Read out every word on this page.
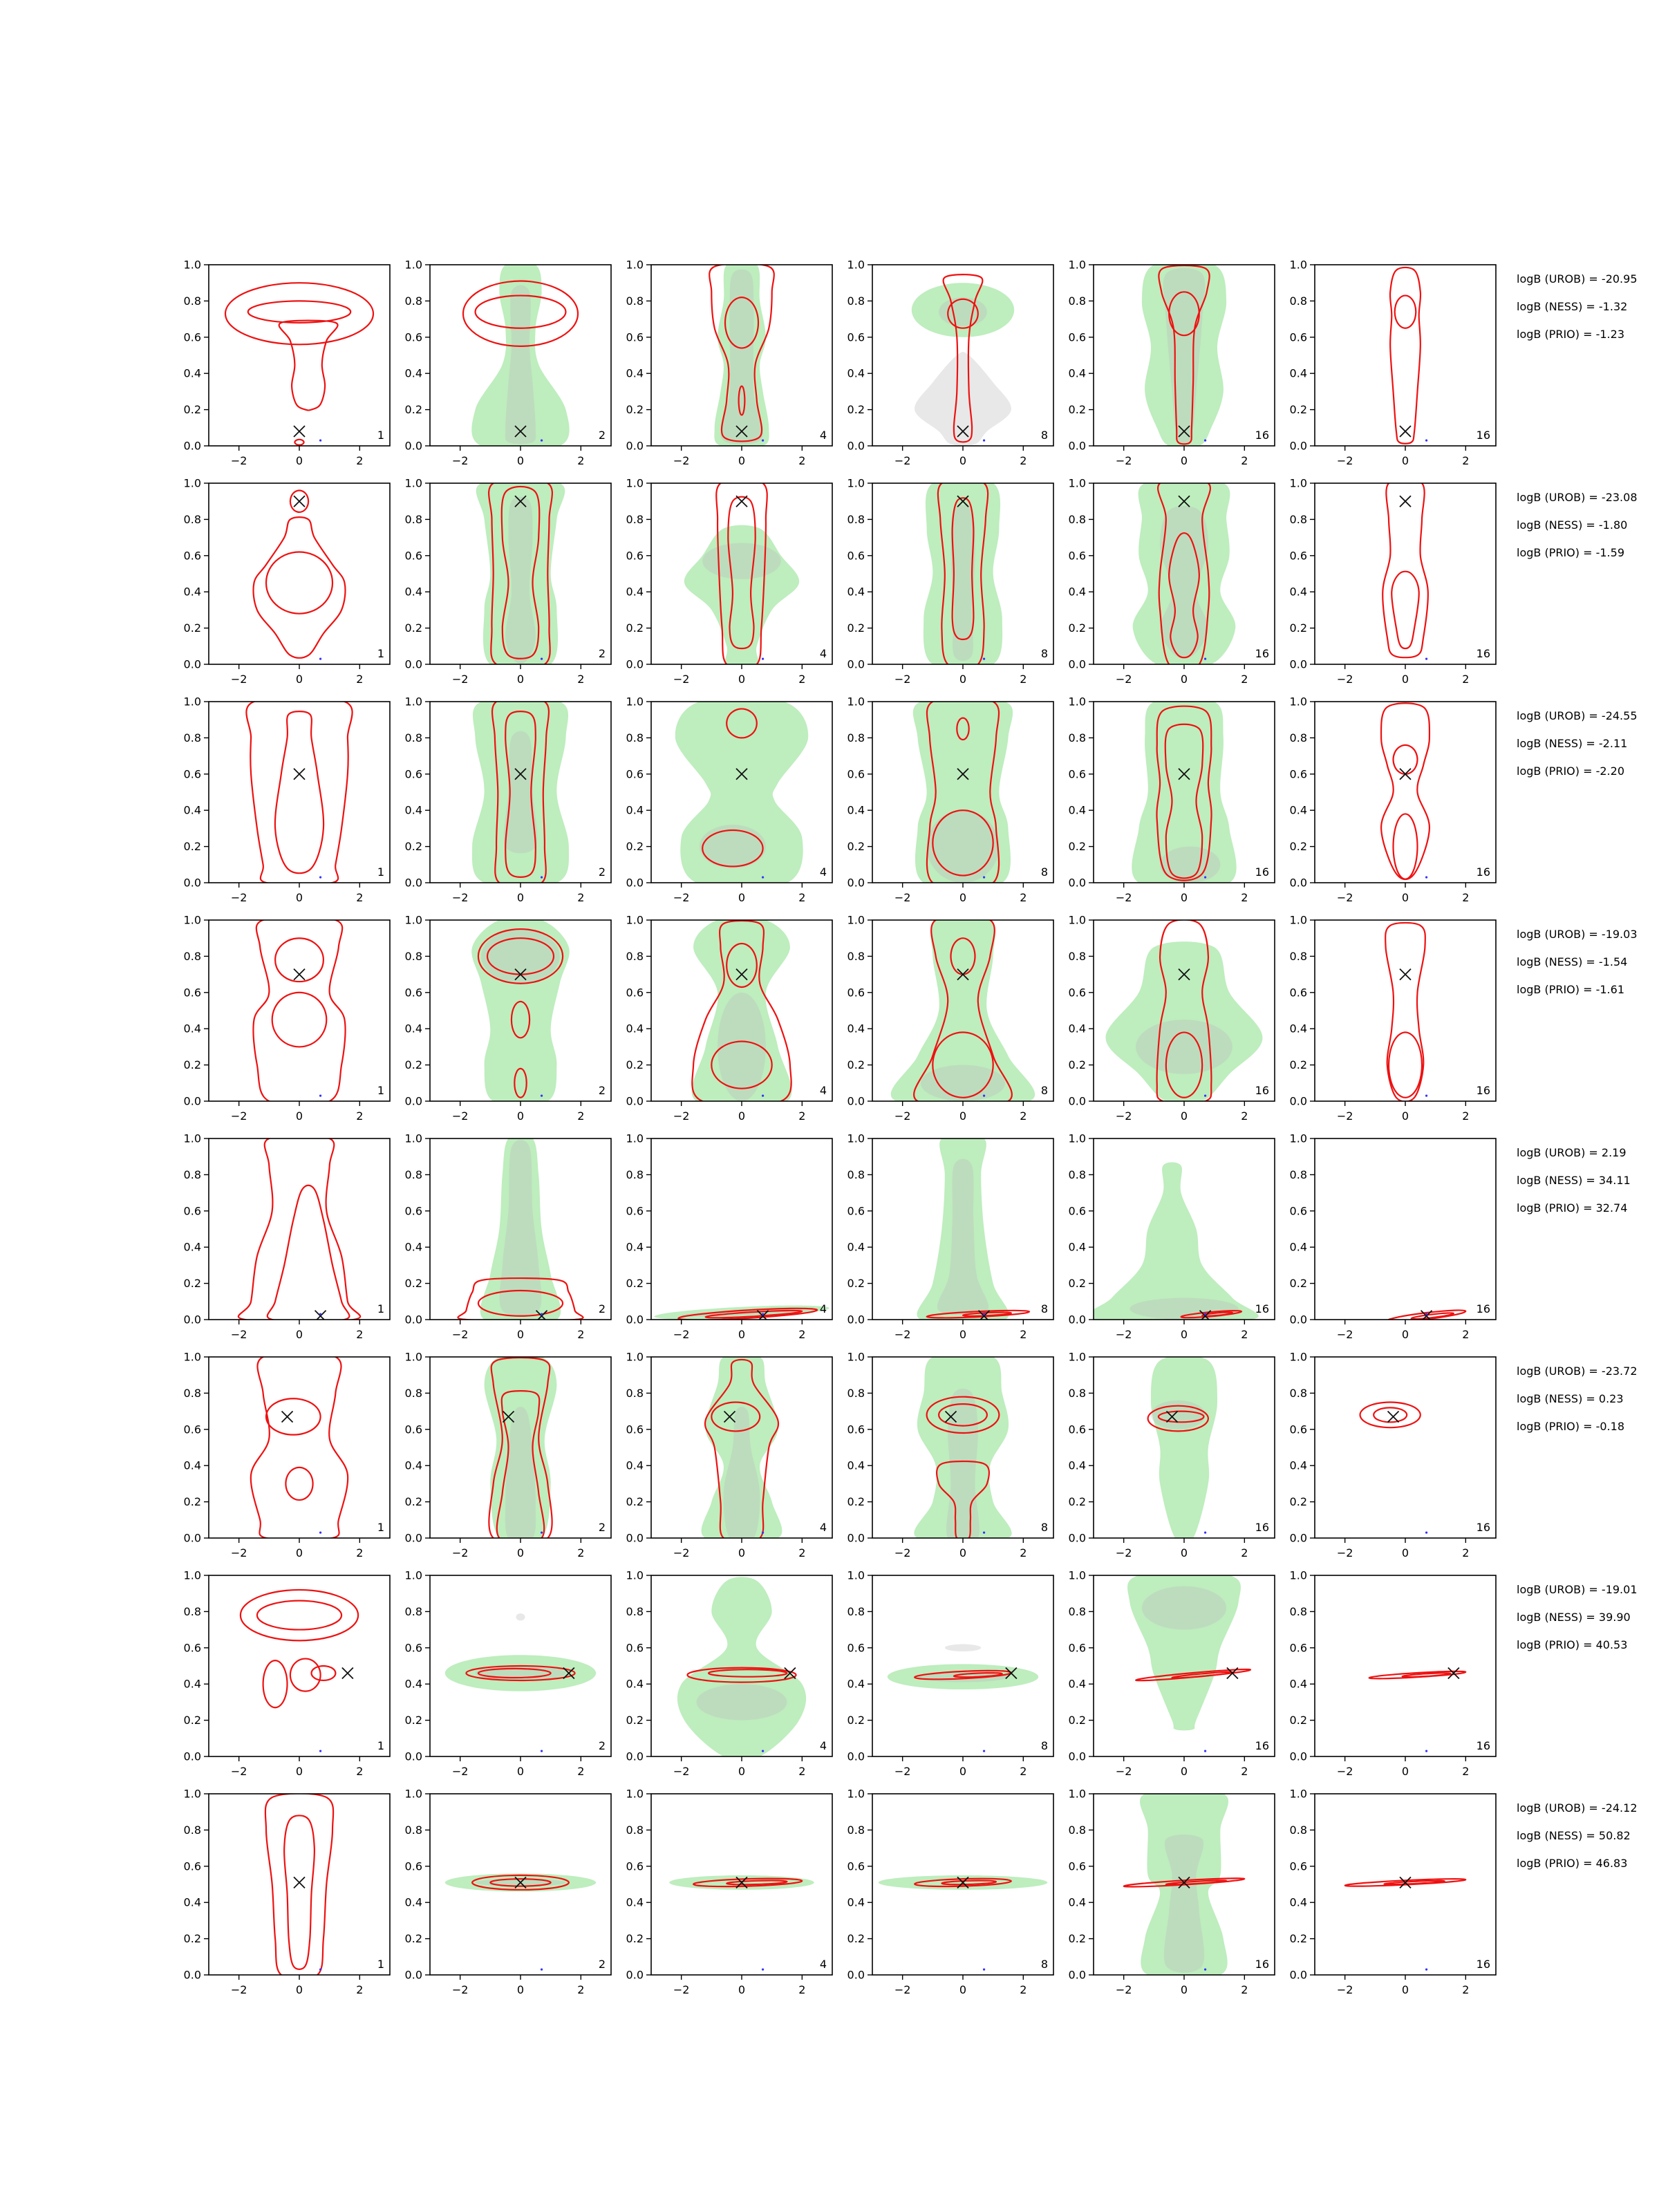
0.0
0.2
0.4
0.6
0.8
1.0
−2	0	2
1
0.0
0.2
0.4
0.6
0.8
1.0
−2	0	2
2
0.0
0.2
0.4
0.6
0.8
1.0
−2	0	2
4
0.0
0.2
0.4
0.6
0.8
1.0
−2	0	2
8
0.0
0.2
0.4
0.6
0.8
1.0
−2	0	2
16
0.0
0.2
0.4
0.6
0.8
1.0
−2	0	2
16
logB (UROB) = -20.95
logB (NESS) = -1.32
logB (PRIO) = -1.23
0.0
0.2
0.4
0.6
0.8
1.0
−2	0	2
1
0.0
0.2
0.4
0.6
0.8
1.0
−2	0	2
2
0.0
0.2
0.4
0.6
0.8
1.0
−2	0	2
4
0.0
0.2
0.4
0.6
0.8
1.0
−2	0	2
8
0.0
0.2
0.4
0.6
0.8
1.0
−2	0	2
16
0.0
0.2
0.4
0.6
0.8
1.0
−2	0	2
16
logB (UROB) = -23.08
logB (NESS) = -1.80
logB (PRIO) = -1.59
0.0
0.2
0.4
0.6
0.8
1.0
−2	0	2
1
0.0
0.2
0.4
0.6
0.8
1.0
−2	0	2
2
0.0
0.2
0.4
0.6
0.8
1.0
−2	0	2
4
0.0
0.2
0.4
0.6
0.8
1.0
−2	0	2
8
0.0
0.2
0.4
0.6
0.8
1.0
−2	0	2
16
0.0
0.2
0.4
0.6
0.8
1.0
−2	0	2
16
logB (UROB) = -24.55
logB (NESS) = -2.11
logB (PRIO) = -2.20
0.0
0.2
0.4
0.6
0.8
1.0
−2	0	2
1
0.0
0.2
0.4
0.6
0.8
1.0
−2	0	2
2
0.0
0.2
0.4
0.6
0.8
1.0
−2	0	2
4
0.0
0.2
0.4
0.6
0.8
1.0
−2	0	2
8
0.0
0.2
0.4
0.6
0.8
1.0
−2	0	2
16
0.0
0.2
0.4
0.6
0.8
1.0
−2	0	2
16
logB (UROB) = -19.03
logB (NESS) = -1.54
logB (PRIO) = -1.61
0.0
0.2
0.4
0.6
0.8
1.0
−2	0	2
1
0.0
0.2
0.4
0.6
0.8
1.0
−2	0	2
2
0.0
0.2
0.4
0.6
0.8
1.0
−2	0	2
4
0.0
0.2
0.4
0.6
0.8
1.0
−2	0	2
8
0.0
0.2
0.4
0.6
0.8
1.0
−2	0	2
16
0.0
0.2
0.4
0.6
0.8
1.0
−2	0	2
16
logB (UROB) = 2.19
logB (NESS) = 34.11
logB (PRIO) = 32.74
0.0
0.2
0.4
0.6
0.8
1.0
−2	0	2
1
0.0
0.2
0.4
0.6
0.8
1.0
−2	0	2
2
0.0
0.2
0.4
0.6
0.8
1.0
−2	0	2
4
0.0
0.2
0.4
0.6
0.8
1.0
−2	0	2
8
0.0
0.2
0.4
0.6
0.8
1.0
−2	0	2
16
0.0
0.2
0.4
0.6
0.8
1.0
−2	0	2
16
logB (UROB) = -23.72
logB (NESS) = 0.23
logB (PRIO) = -0.18
0.0
0.2
0.4
0.6
0.8
1.0
−2	0	2
1
0.0
0.2
0.4
0.6
0.8
1.0
−2	0	2
2
0.0
0.2
0.4
0.6
0.8
1.0
−2	0	2
4
0.0
0.2
0.4
0.6
0.8
1.0
−2	0	2
8
0.0
0.2
0.4
0.6
0.8
1.0
−2	0	2
16
0.0
0.2
0.4
0.6
0.8
1.0
−2	0	2
16
logB (UROB) = -19.01
logB (NESS) = 39.90
logB (PRIO) = 40.53
0.0
0.2
0.4
0.6
0.8
1.0
−2	0	2
1
0.0
0.2
0.4
0.6
0.8
1.0
−2	0	2
2
0.0
0.2
0.4
0.6
0.8
1.0
−2	0	2
4
0.0
0.2
0.4
0.6
0.8
1.0
−2	0	2
8
0.0
0.2
0.4
0.6
0.8
1.0
−2	0	2
16
0.0
0.2
0.4
0.6
0.8
1.0
−2	0	2
16
logB (UROB) = -24.12
logB (NESS) = 50.82
logB (PRIO) = 46.83
